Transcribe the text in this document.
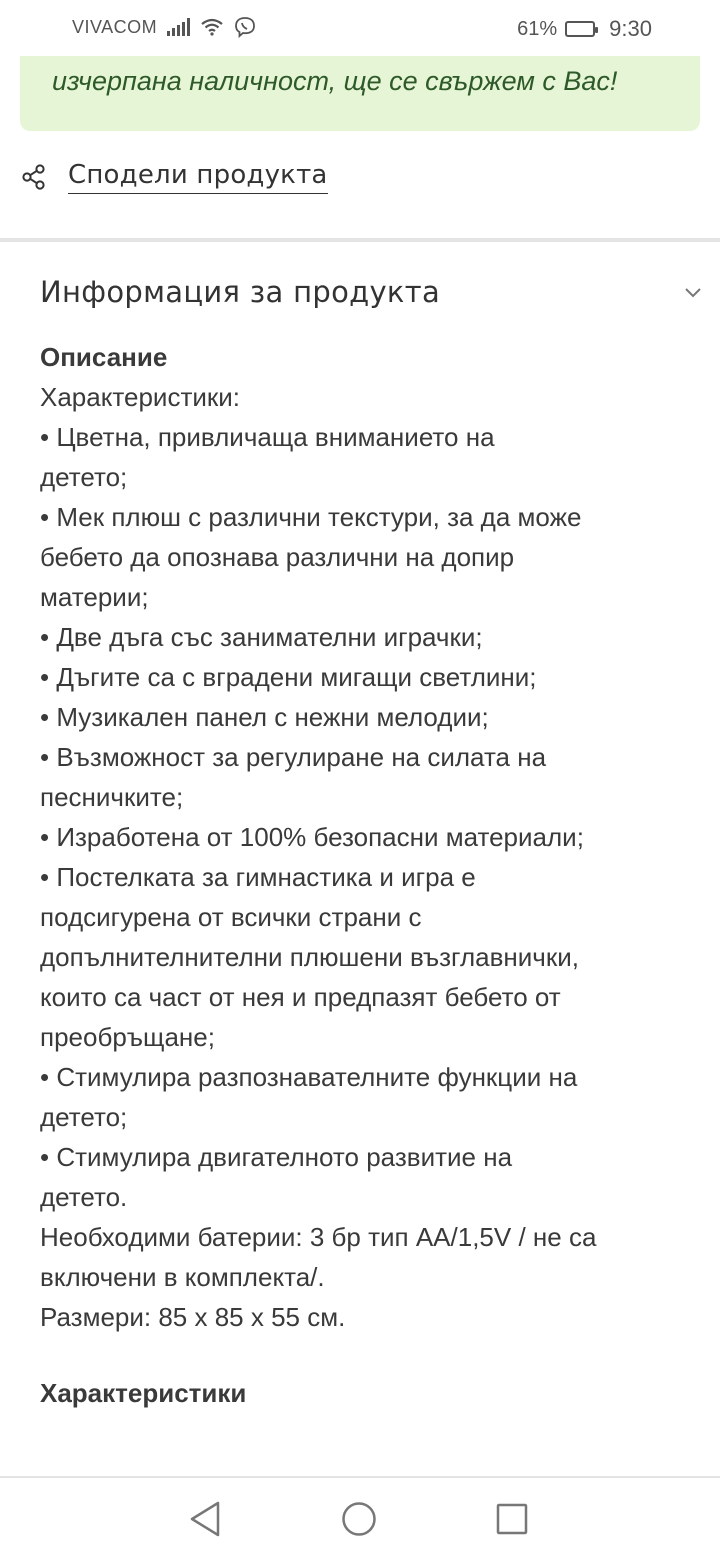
VIVACOM	61% 9:30
изчерпана наличност, ще се свържем с Вас!
Сподели продукта
Информация за продукта
Описание
Характеристики:
• Цветна, привличаща вниманието на
детето;
• Мек плюш с различни текстури, за да може
бебето да опознава различни на допир
материи;
• Две дъга със занимателни играчки;
• Дъгите са с вградени мигащи светлини;
• Музикален панел с нежни мелодии;
• Възможност за регулиране на силата на
песничките;
• Изработена от 100% безопасни материали;
• Постелката за гимнастика и игра е
подсигурена от всички страни с
допълнителнителни плюшени възглавнички,
които са част от нея и предпазят бебето от
преобръщане;
• Стимулира разпознавателните функции на
детето;
• Стимулира двигателното развитие на
детето.
Необходими батерии: 3 бр тип AA/1,5V / не са
включени в комплекта/.
Размери: 85 х 85 х 55 см.
Характеристики
